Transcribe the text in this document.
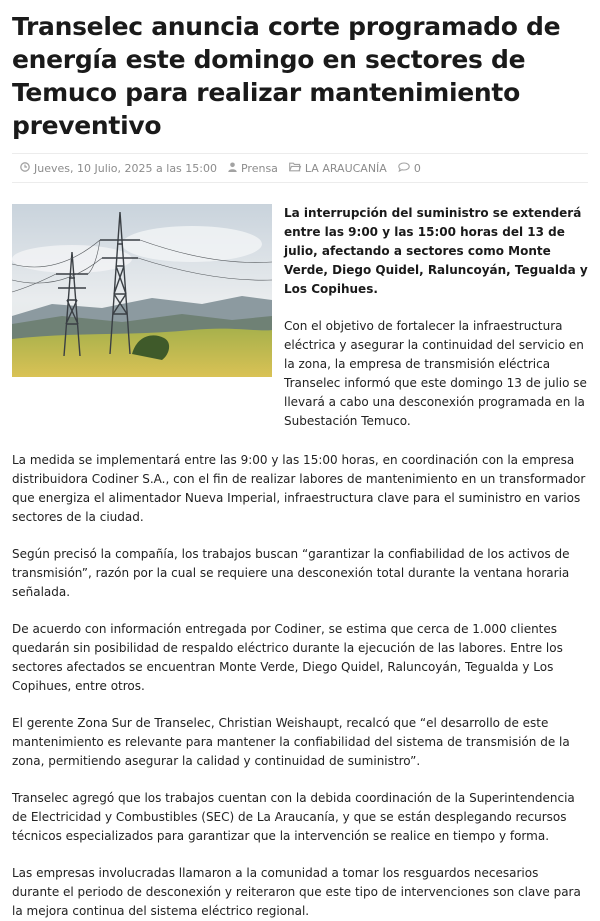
Transelec anuncia corte programado de energía este domingo en sectores de Temuco para realizar mantenimiento preventivo
Jueves, 10 Julio, 2025 a las 15:00 Prensa LA ARAUCANÍA 0

La interrupción del suministro se extenderá entre las 9:00 y las 15:00 horas del 13 de julio, afectando a sectores como Monte Verde, Diego Quidel, Raluncoyán, Tegualda y Los Copihues.

Con el objetivo de fortalecer la infraestructura eléctrica y asegurar la continuidad del servicio en la zona, la empresa de transmisión eléctrica Transelec informó que este domingo 13 de julio se llevará a cabo una desconexión programada en la Subestación Temuco.

La medida se implementará entre las 9:00 y las 15:00 horas, en coordinación con la empresa distribuidora Codiner S.A., con el fin de realizar labores de mantenimiento en un transformador que energiza el alimentador Nueva Imperial, infraestructura clave para el suministro en varios sectores de la ciudad.

Según precisó la compañía, los trabajos buscan “garantizar la confiabilidad de los activos de transmisión”, razón por la cual se requiere una desconexión total durante la ventana horaria señalada.

De acuerdo con información entregada por Codiner, se estima que cerca de 1.000 clientes quedarán sin posibilidad de respaldo eléctrico durante la ejecución de las labores. Entre los sectores afectados se encuentran Monte Verde, Diego Quidel, Raluncoyán, Tegualda y Los Copihues, entre otros.

El gerente Zona Sur de Transelec, Christian Weishaupt, recalcó que “el desarrollo de este mantenimiento es relevante para mantener la confiabilidad del sistema de transmisión de la zona, permitiendo asegurar la calidad y continuidad de suministro”.

Transelec agregó que los trabajos cuentan con la debida coordinación de la Superintendencia de Electricidad y Combustibles (SEC) de La Araucanía, y que se están desplegando recursos técnicos especializados para garantizar que la intervención se realice en tiempo y forma.

Las empresas involucradas llamaron a la comunidad a tomar los resguardos necesarios durante el periodo de desconexión y reiteraron que este tipo de intervenciones son clave para la mejora continua del sistema eléctrico regional.
